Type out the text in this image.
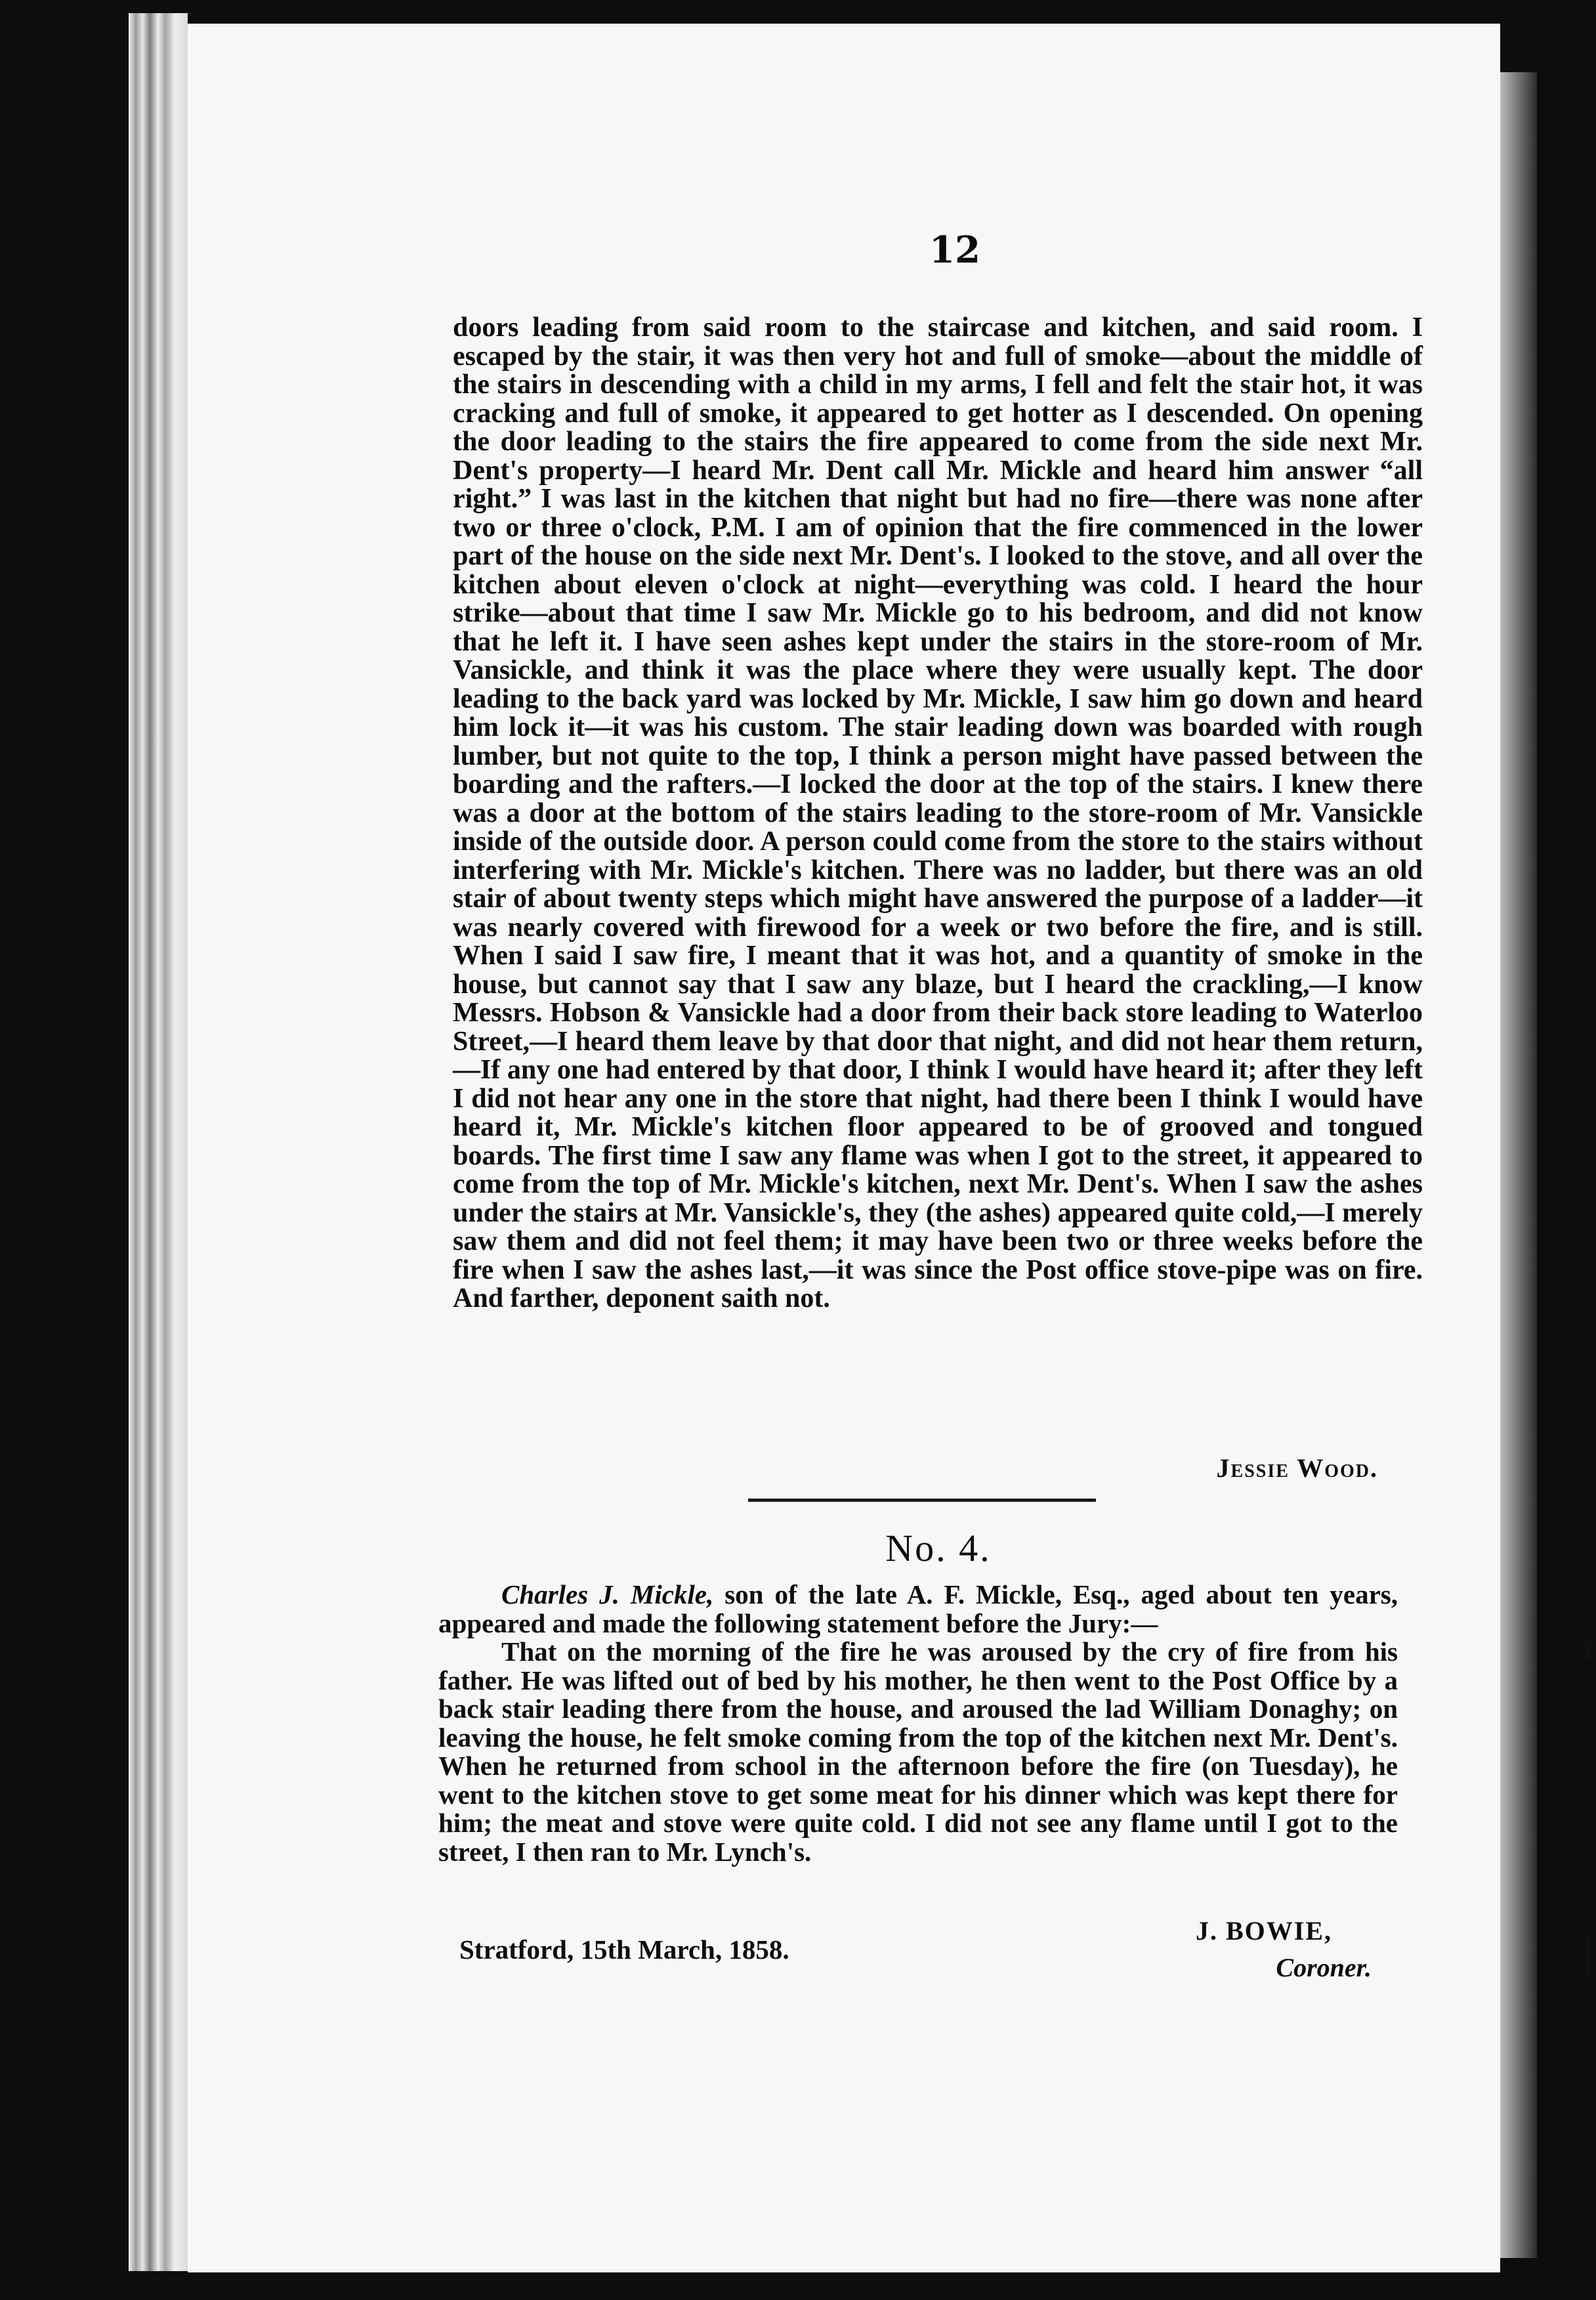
12

doors leading from said room to the staircase and kitchen, and said room. I escaped by the stair, it was then very hot and full of smoke—about the middle of the stairs in descending with a child in my arms, I fell and felt the stair hot, it was cracking and full of smoke, it appeared to get hotter as I descended. On opening the door leading to the stairs the fire appeared to come from the side next Mr. Dent's property—I heard Mr. Dent call Mr. Mickle and heard him answer “all right.” I was last in the kitchen that night but had no fire—there was none after two or three o'clock, P.M. I am of opinion that the fire commenced in the lower part of the house on the side next Mr. Dent's. I looked to the stove, and all over the kitchen about eleven o'clock at night—everything was cold. I heard the hour strike—about that time I saw Mr. Mickle go to his bedroom, and did not know that he left it. I have seen ashes kept under the stairs in the store-room of Mr. Vansickle, and think it was the place where they were usually kept. The door leading to the back yard was locked by Mr. Mickle, I saw him go down and heard him lock it—it was his custom. The stair leading down was boarded with rough lumber, but not quite to the top, I think a person might have passed between the boarding and the rafters.—I locked the door at the top of the stairs. I knew there was a door at the bottom of the stairs leading to the store-room of Mr. Vansickle inside of the outside door. A person could come from the store to the stairs without interfering with Mr. Mickle's kitchen. There was no ladder, but there was an old stair of about twenty steps which might have answered the purpose of a ladder—it was nearly covered with firewood for a week or two before the fire, and is still. When I said I saw fire, I meant that it was hot, and a quantity of smoke in the house, but cannot say that I saw any blaze, but I heard the crackling,—I know Messrs. Hobson & Vansickle had a door from their back store leading to Waterloo Street,—I heard them leave by that door that night, and did not hear them return,—If any one had entered by that door, I think I would have heard it; after they left I did not hear any one in the store that night, had there been I think I would have heard it, Mr. Mickle's kitchen floor appeared to be of grooved and tongued boards. The first time I saw any flame was when I got to the street, it appeared to come from the top of Mr. Mickle's kitchen, next Mr. Dent's. When I saw the ashes under the stairs at Mr. Vansickle's, they (the ashes) appeared quite cold,—I merely saw them and did not feel them; it may have been two or three weeks before the fire when I saw the ashes last,—it was since the Post office stove-pipe was on fire. And farther, deponent saith not.

Jessie Wood.
No. 4.

Charles J. Mickle, son of the late A. F. Mickle, Esq., aged about ten years, appeared and made the following statement before the Jury:—

That on the morning of the fire he was aroused by the cry of fire from his father. He was lifted out of bed by his mother, he then went to the Post Office by a back stair leading there from the house, and aroused the lad William Donaghy; on leaving the house, he felt smoke coming from the top of the kitchen next Mr. Dent's. When he returned from school in the afternoon before the fire (on Tuesday), he went to the kitchen stove to get some meat for his dinner which was kept there for him; the meat and stove were quite cold. I did not see any flame until I got to the street, I then ran to Mr. Lynch's.

J. BOWIE,
Stratford, 15th March, 1858.
Coroner.
